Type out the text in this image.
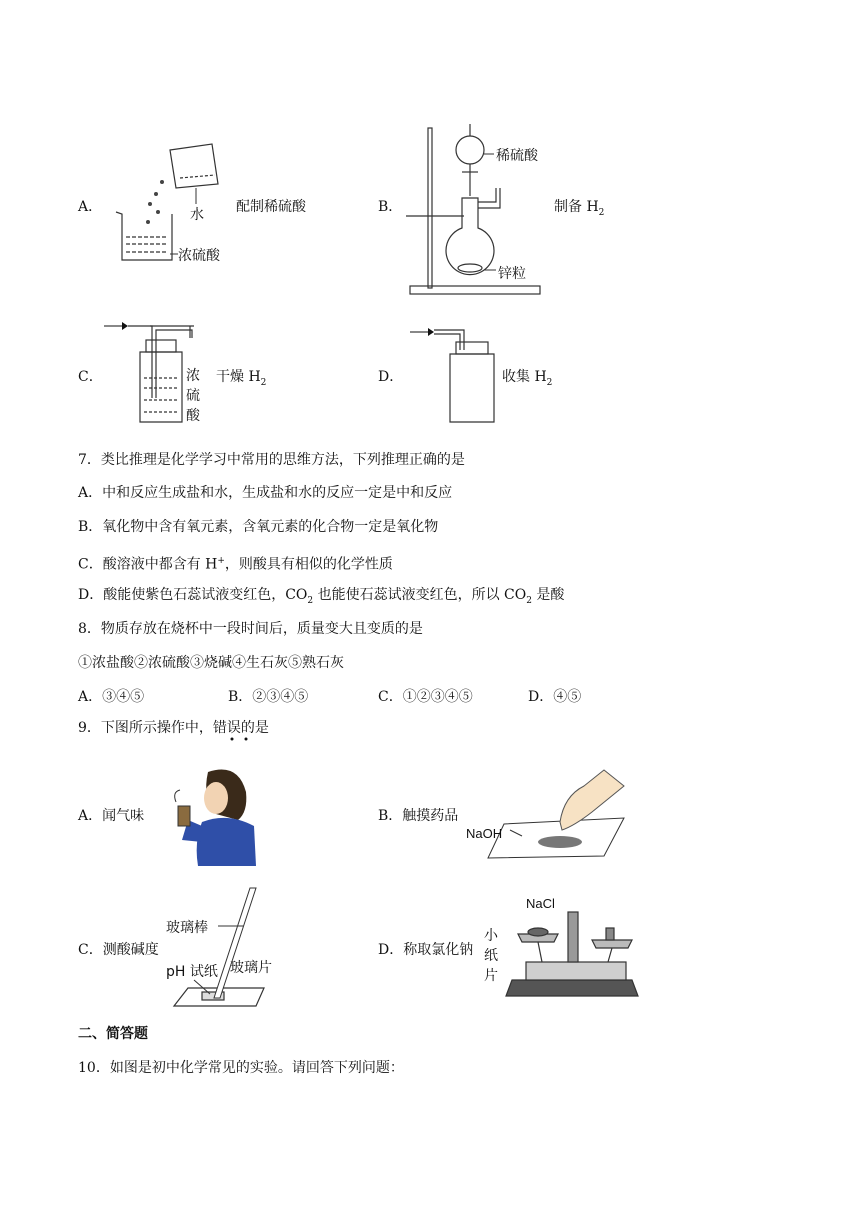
A．	水
浓硫酸
配制稀硫酸	B．
稀硫酸
锌粒
制备 $H_2$
C．	浓
硫
酸
干燥 $H_2$	D．	收集 $H_2$
7．类比推理是化学学习中常用的思维方法，下列推理正确的是
A．中和反应生成盐和水，生成盐和水的反应一定是中和反应
B．氧化物中含有氧元素，含氧元素的化合物一定是氧化物
C．酸溶液中都含有 H+，则酸具有相似的化学性质
D．酸能使紫色石蕊试液变红色，$CO_2$ 也能使石蕊试液变红色，所以 $CO_2$ 是酸
8．物质存放在烧杯中一段时间后，质量变大且变质的是
①浓盐酸②浓硫酸③烧碱④生石灰⑤熟石灰
A．③④⑤	B．②③④⑤	C．①②③④⑤	D．④⑤
9．下图所示操作中，错误的是
A．闻气味	B．触摸药品
NaOH
C．测酸碱度
玻璃棒
pH 试纸 玻璃片
D．称取氯化钠
NaCl
小
纸
片
二、简答题
10．如图是初中化学常见的实验。请回答下列问题：
